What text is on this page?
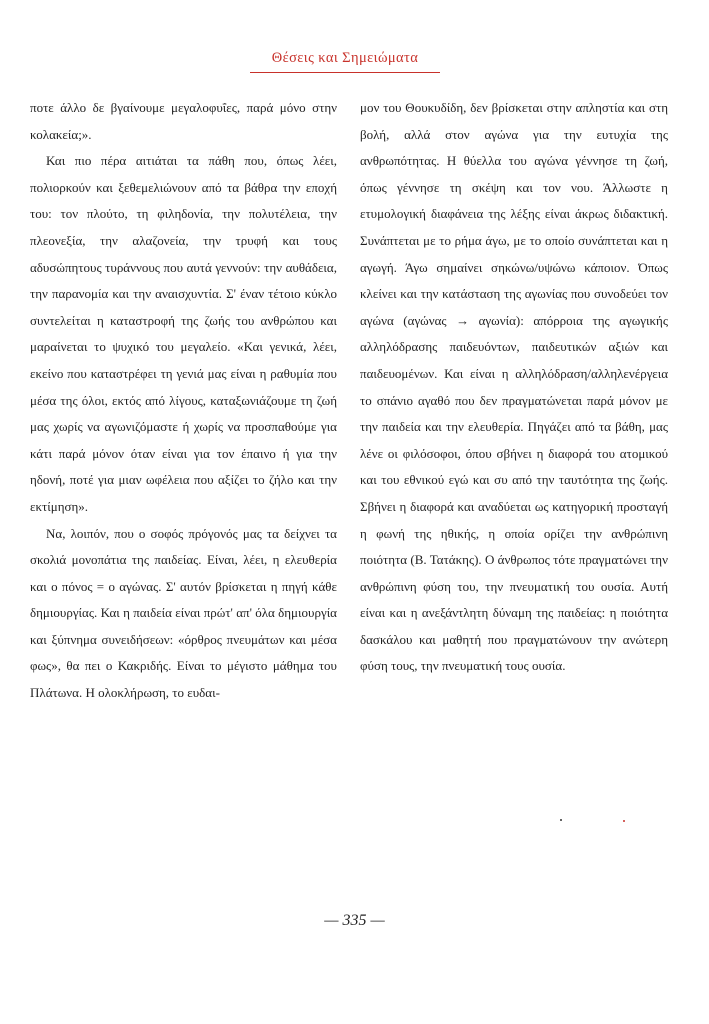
Θέσεις και Σημειώματα

ποτε άλλο δε βγαίνουμε μεγαλοφυΐες, παρά μόνο στην κολακεία;».

Και πιο πέρα αιτιάται τα πάθη που, όπως λέει, πολιορκούν και ξεθεμελιώνουν από τα βάθρα την εποχή του: τον πλούτο, τη φιληδονία, την πολυτέλεια, την πλεονεξία, την αλαζονεία, την τρυφή και τους αδυσώπητους τυράννους που αυτά γεννούν: την αυθάδεια, την παρανομία και την αναισχυντία. Σ' έναν τέτοιο κύκλο συντελείται η καταστροφή της ζωής του ανθρώπου και μαραίνεται το ψυχικό του μεγαλείο. «Και γενικά, λέει, εκείνο που καταστρέφει τη γενιά μας είναι η ραθυμία που μέσα της όλοι, εκτός από λίγους, καταξωνιάζουμε τη ζωή μας χωρίς να αγωνιζόμαστε ή χωρίς να προσπαθούμε για κάτι παρά μόνον όταν είναι για τον έπαινο ή για την ηδονή, ποτέ για μιαν ωφέλεια που αξίζει το ζήλο και την εκτίμηση».

Να, λοιπόν, που ο σοφός πρόγονός μας τα δείχνει τα σκολιά μονοπάτια της παιδείας. Είναι, λέει, η ελευθερία και ο πόνος = ο αγώνας. Σ' αυτόν βρίσκεται η πηγή κάθε δημιουργίας. Και η παιδεία είναι πρώτ' απ' όλα δημιουργία και ξύπνημα συνειδήσεων: «όρθρος πνευμάτων και μέσα φως», θα πει ο Κακριδής. Είναι το μέγιστο μάθημα του Πλάτωνα. Η ολοκλήρωση, το ευδαι-

μον του Θουκυδίδη, δεν βρίσκεται στην απληστία και στη βολή, αλλά στον αγώνα για την ευτυχία της ανθρωπότητας. Η θύελλα του αγώνα γέννησε τη ζωή, όπως γέννησε τη σκέψη και τον νου. Άλλωστε η ετυμολογική διαφάνεια της λέξης είναι άκρως διδακτική. Συνάπτεται με το ρήμα άγω, με το οποίο συνάπτεται και η αγωγή. Άγω σημαίνει σηκώνω/υψώνω κάποιον. Όπως κλείνει και την κατάσταση της αγωνίας που συνοδεύει τον αγώνα (αγώνας → αγωνία): απόρροια της αγωγικής αλληλόδρασης παιδευόντων, παιδευτικών αξιών και παιδευομένων. Και είναι η αλληλόδραση/αλληλενέργεια το σπάνιο αγαθό που δεν πραγματώνεται παρά μόνον με την παιδεία και την ελευθερία. Πηγάζει από τα βάθη, μας λένε οι φιλόσοφοι, όπου σβήνει η διαφορά του ατομικού και του εθνικού εγώ και συ από την ταυτότητα της ζωής. Σβήνει η διαφορά και αναδύεται ως κατηγορική προσταγή η φωνή της ηθικής, η οποία ορίζει την ανθρώπινη ποιότητα (Β. Τατάκης). Ο άνθρωπος τότε πραγματώνει την ανθρώπινη φύση του, την πνευματική του ουσία. Αυτή είναι και η ανεξάντλητη δύναμη της παιδείας: η ποιότητα δασκάλου και μαθητή που πραγματώνουν την ανώτερη φύση τους, την πνευματική τους ουσία.

— 335 —
